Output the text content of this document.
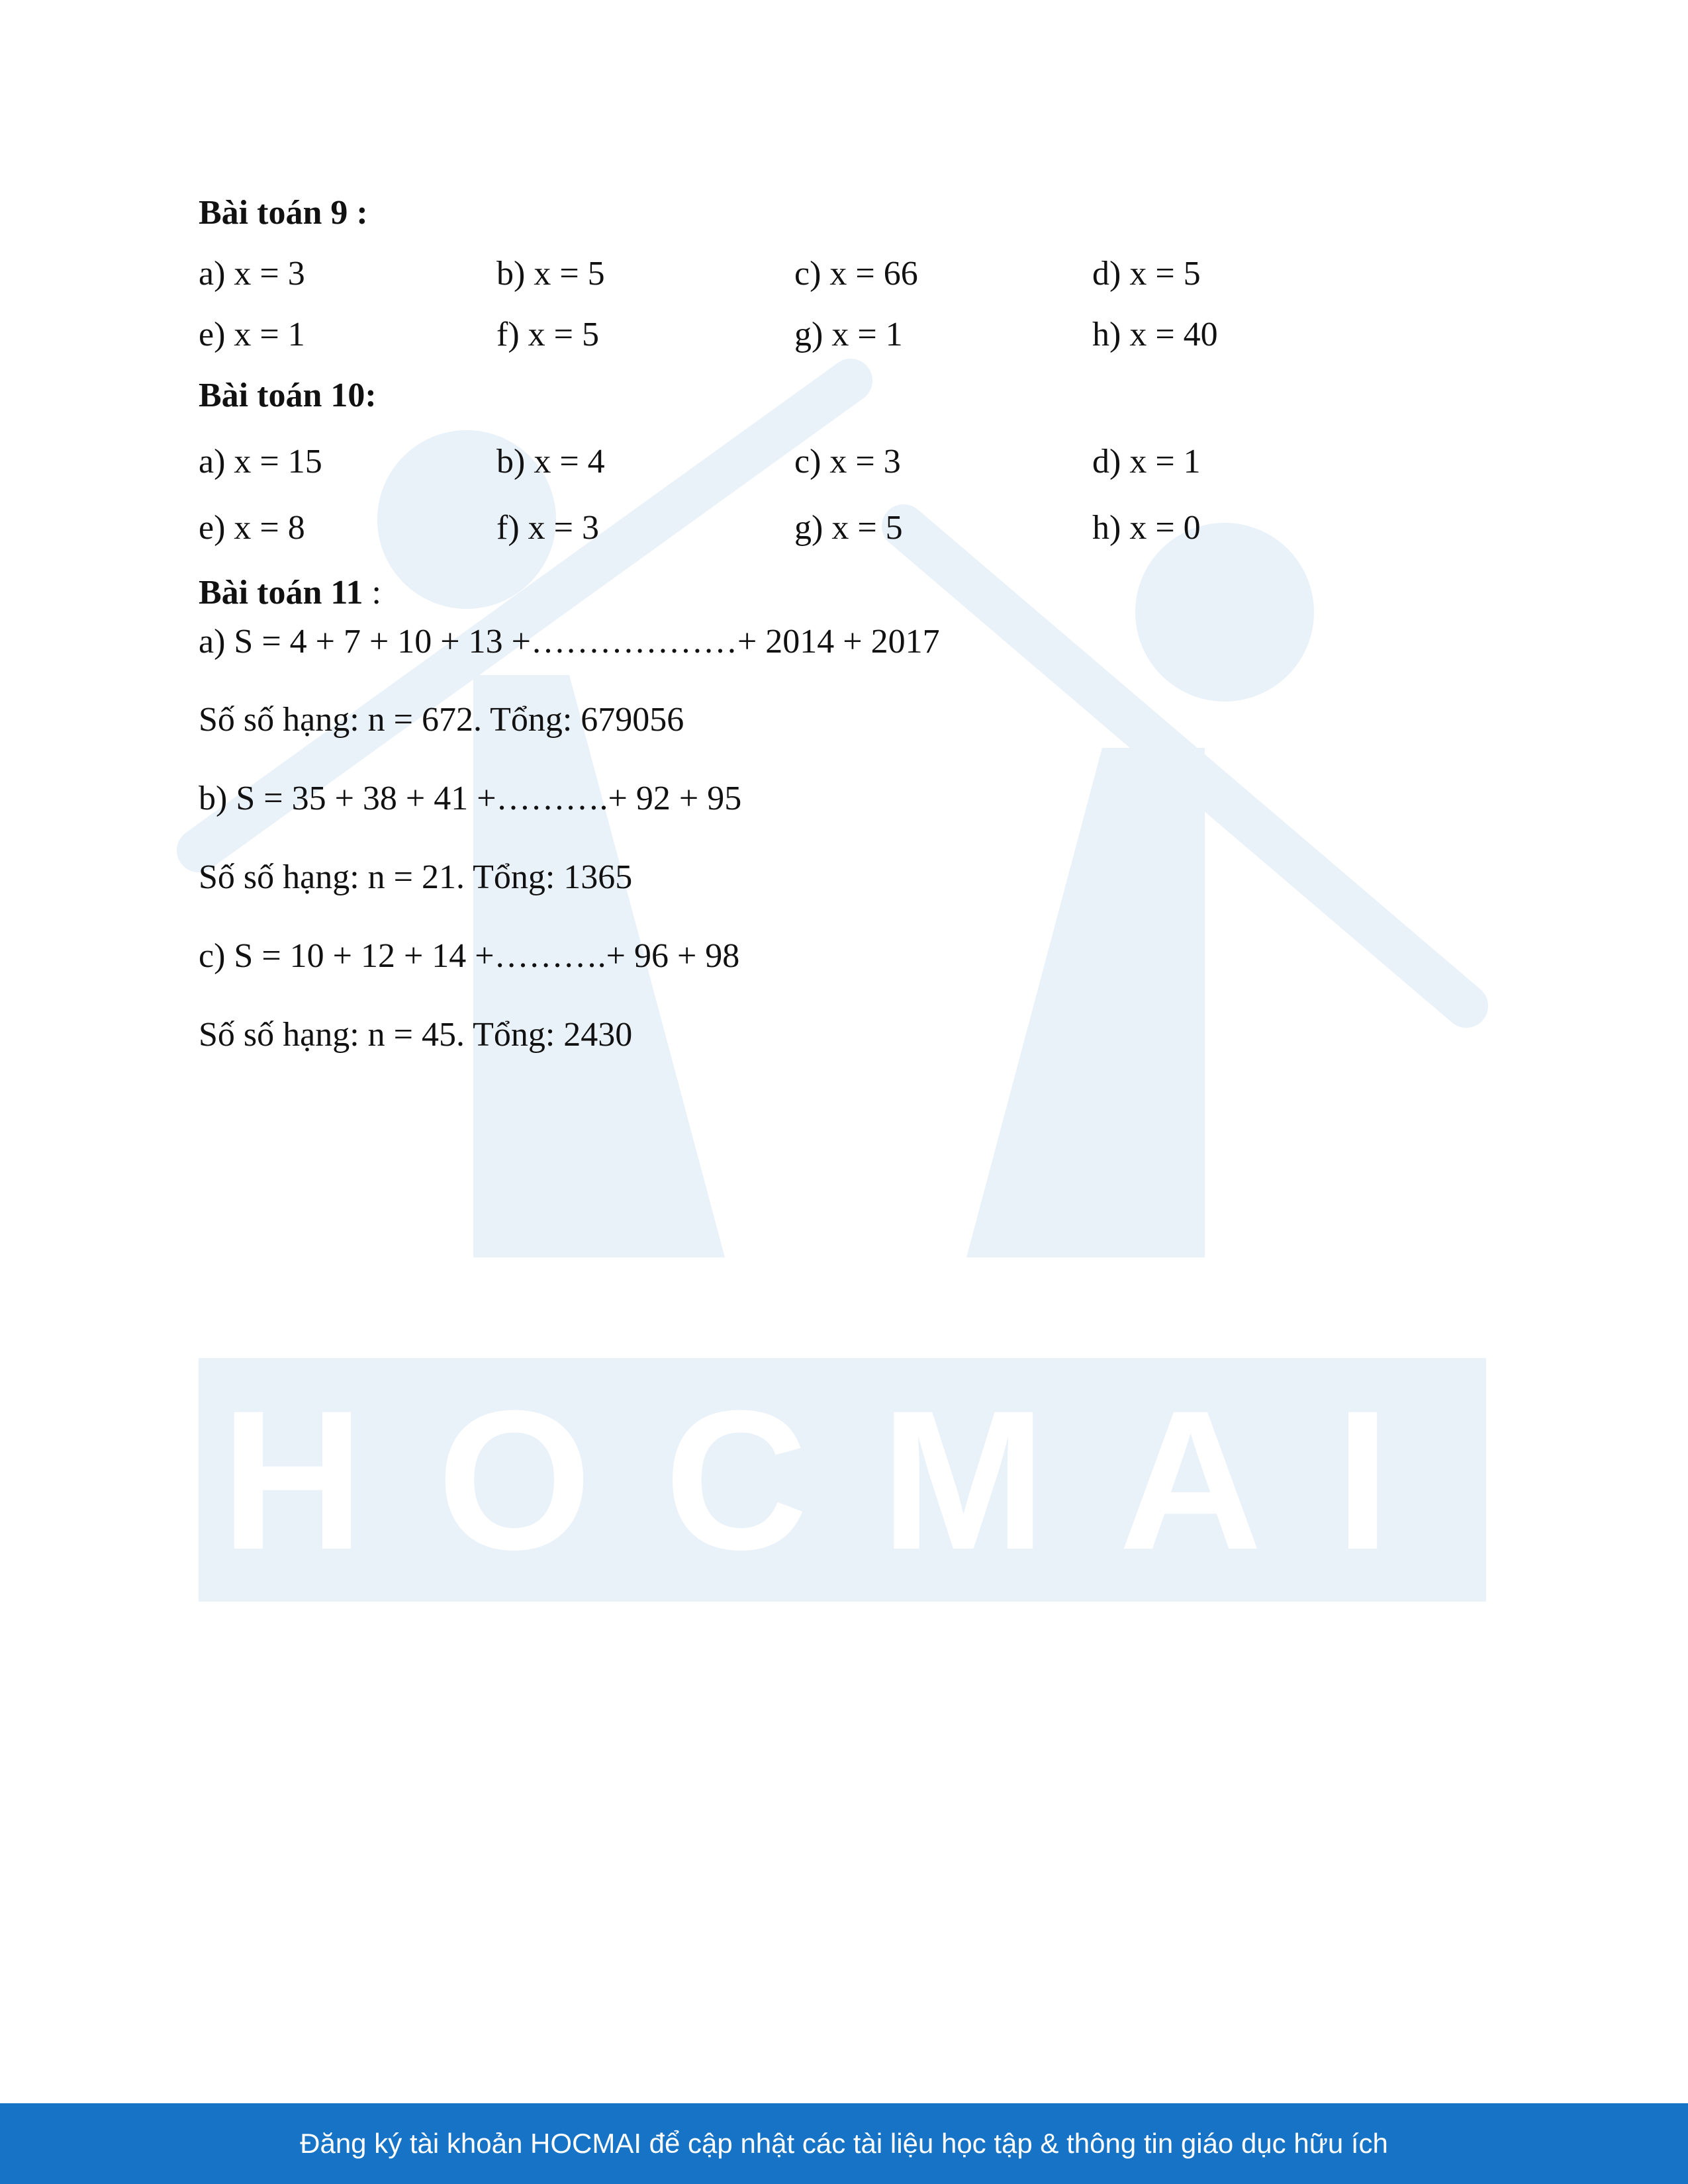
HOCMAI

Bài toán 9 :

a) x = 3	b) x = 5	c) x = 66	d) x = 5
e) x = 1	f) x = 5	g) x = 1	h) x = 40

Bài toán 10:

a) x = 15	b) x = 4	c) x = 3	d) x = 1
e) x = 8	f) x = 3	g) x = 5	h) x = 0

Bài toán 11 :

a) S = 4 + 7 + 10 + 13 +………………+ 2014 + 2017

Số số hạng: n = 672. Tổng: 679056

b) S = 35 + 38 + 41 +……….+ 92 + 95

Số số hạng: n = 21. Tổng: 1365

c) S = 10 + 12 + 14 +……….+ 96 + 98

Số số hạng: n = 45. Tổng: 2430

Đăng ký tài khoản HOCMAI để cập nhật các tài liệu học tập & thông tin giáo dục hữu ích
